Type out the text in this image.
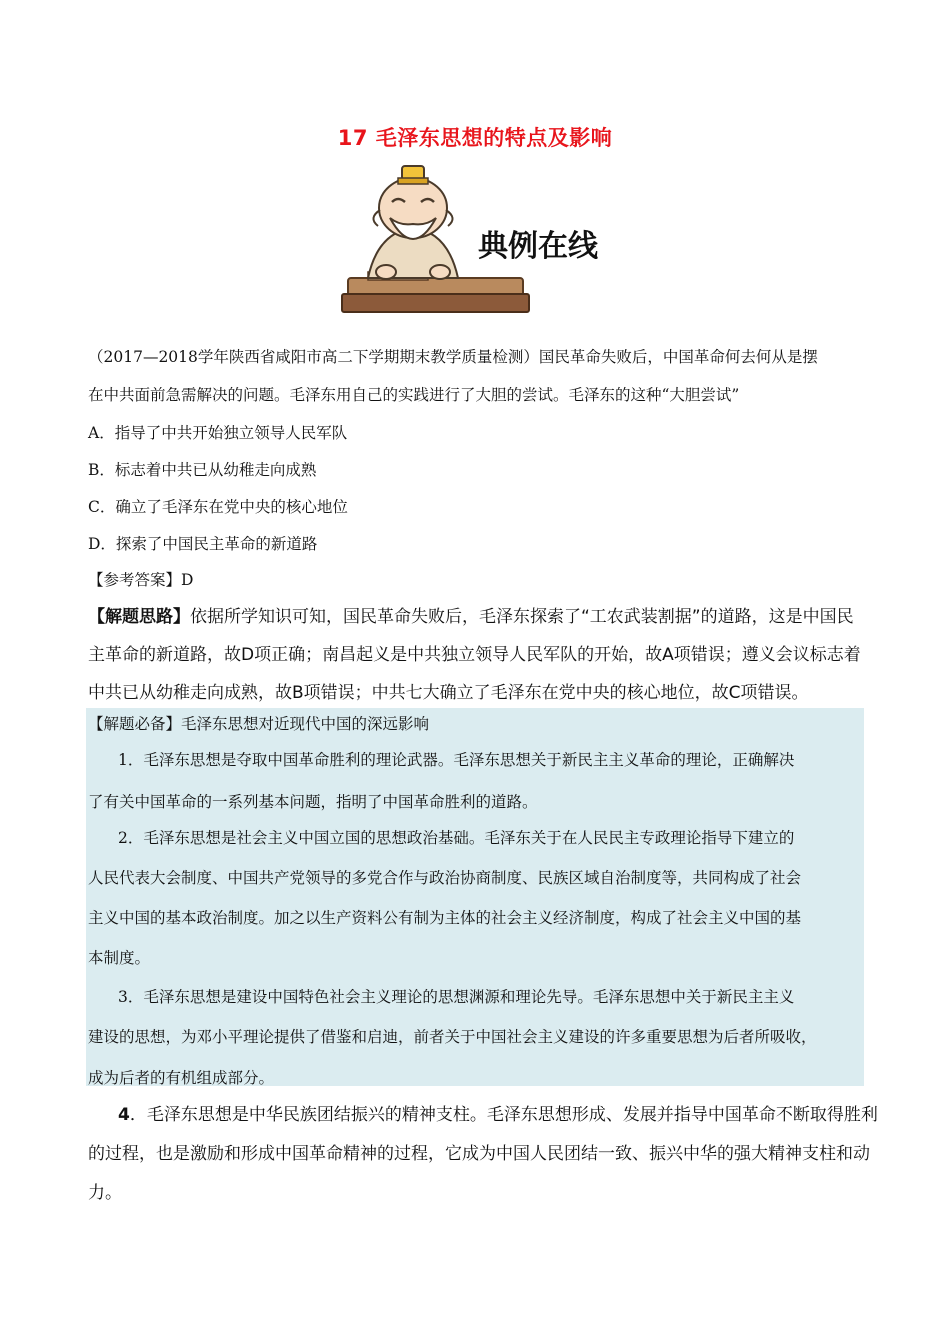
17 毛泽东思想的特点及影响
典例在线
（2017—2018学年陕西省咸阳市高二下学期期末教学质量检测）国民革命失败后，中国革命何去何从是摆
在中共面前急需解决的问题。毛泽东用自己的实践进行了大胆的尝试。毛泽东的这种“大胆尝试”
A．指导了中共开始独立领导人民军队
B．标志着中共已从幼稚走向成熟
C．确立了毛泽东在党中央的核心地位
D．探索了中国民主革命的新道路
【参考答案】D
【解题思路】依据所学知识可知，国民革命失败后，毛泽东探索了“工农武装割据”的道路，这是中国民
主革命的新道路，故D项正确；南昌起义是中共独立领导人民军队的开始，故A项错误；遵义会议标志着
中共已从幼稚走向成熟，故B项错误；中共七大确立了毛泽东在党中央的核心地位，故C项错误。
【解题必备】毛泽东思想对近现代中国的深远影响
1．毛泽东思想是夺取中国革命胜利的理论武器。毛泽东思想关于新民主主义革命的理论，正确解决
了有关中国革命的一系列基本问题，指明了中国革命胜利的道路。
2．毛泽东思想是社会主义中国立国的思想政治基础。毛泽东关于在人民民主专政理论指导下建立的
人民代表大会制度、中国共产党领导的多党合作与政治协商制度、民族区域自治制度等，共同构成了社会
主义中国的基本政治制度。加之以生产资料公有制为主体的社会主义经济制度，构成了社会主义中国的基
本制度。
3．毛泽东思想是建设中国特色社会主义理论的思想渊源和理论先导。毛泽东思想中关于新民主主义
建设的思想，为邓小平理论提供了借鉴和启迪，前者关于中国社会主义建设的许多重要思想为后者所吸收，
成为后者的有机组成部分。
4．毛泽东思想是中华民族团结振兴的精神支柱。毛泽东思想形成、发展并指导中国革命不断取得胜利
的过程，也是激励和形成中国革命精神的过程，它成为中国人民团结一致、振兴中华的强大精神支柱和动
力。
